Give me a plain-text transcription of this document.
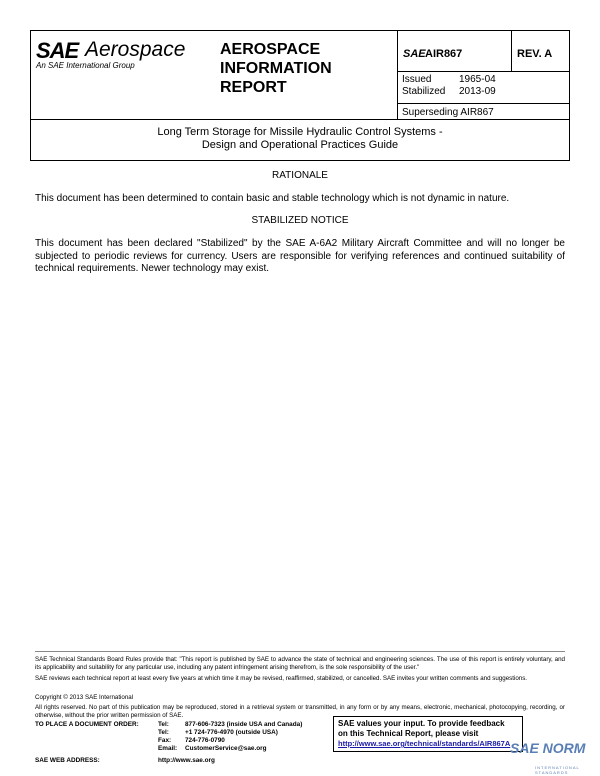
SAE Aerospace
An SAE International Group
AEROSPACE
INFORMATION
REPORT
SAE AIR867	REV. A
Issued	1965-04
Stabilized 2013-09
Superseding AIR867
Long Term Storage for Missile Hydraulic Control Systems -
Design and Operational Practices Guide
RATIONALE
This document has been determined to contain basic and stable technology which is not dynamic in nature.
STABILIZED NOTICE
This document has been declared "Stabilized" by the SAE A-6A2 Military Aircraft Committee and will no longer be subjected to periodic reviews for currency. Users are responsible for verifying references and continued suitability of technical requirements. Newer technology may exist.
SAE Technical Standards Board Rules provide that: "This report is published by SAE to advance the state of technical and engineering sciences. The use of this report is entirely voluntary, and its applicability and suitability for any particular use, including any patent infringement arising therefrom, is the sole responsibility of the user."
SAE reviews each technical report at least every five years at which time it may be revised, reaffirmed, stabilized, or cancelled. SAE invites your written comments and suggestions.
Copyright © 2013 SAE International
All rights reserved. No part of this publication may be reproduced, stored in a retrieval system or transmitted, in any form or by any means, electronic, mechanical, photocopying, recording, or otherwise, without the prior written permission of SAE.
TO PLACE A DOCUMENT ORDER:	Tel:	877-606-7323 (inside USA and Canada)
Tel:	+1 724-776-4970 (outside USA)
Fax:	724-776-0790
Email:	CustomerService@sae.org
SAE WEB ADDRESS:	http://www.sae.org
SAE values your input. To provide feedback
on this Technical Report, please visit
http://www.sae.org/technical/standards/AIR867A SAE NORM
INTERNATIONAL STANDARDS
